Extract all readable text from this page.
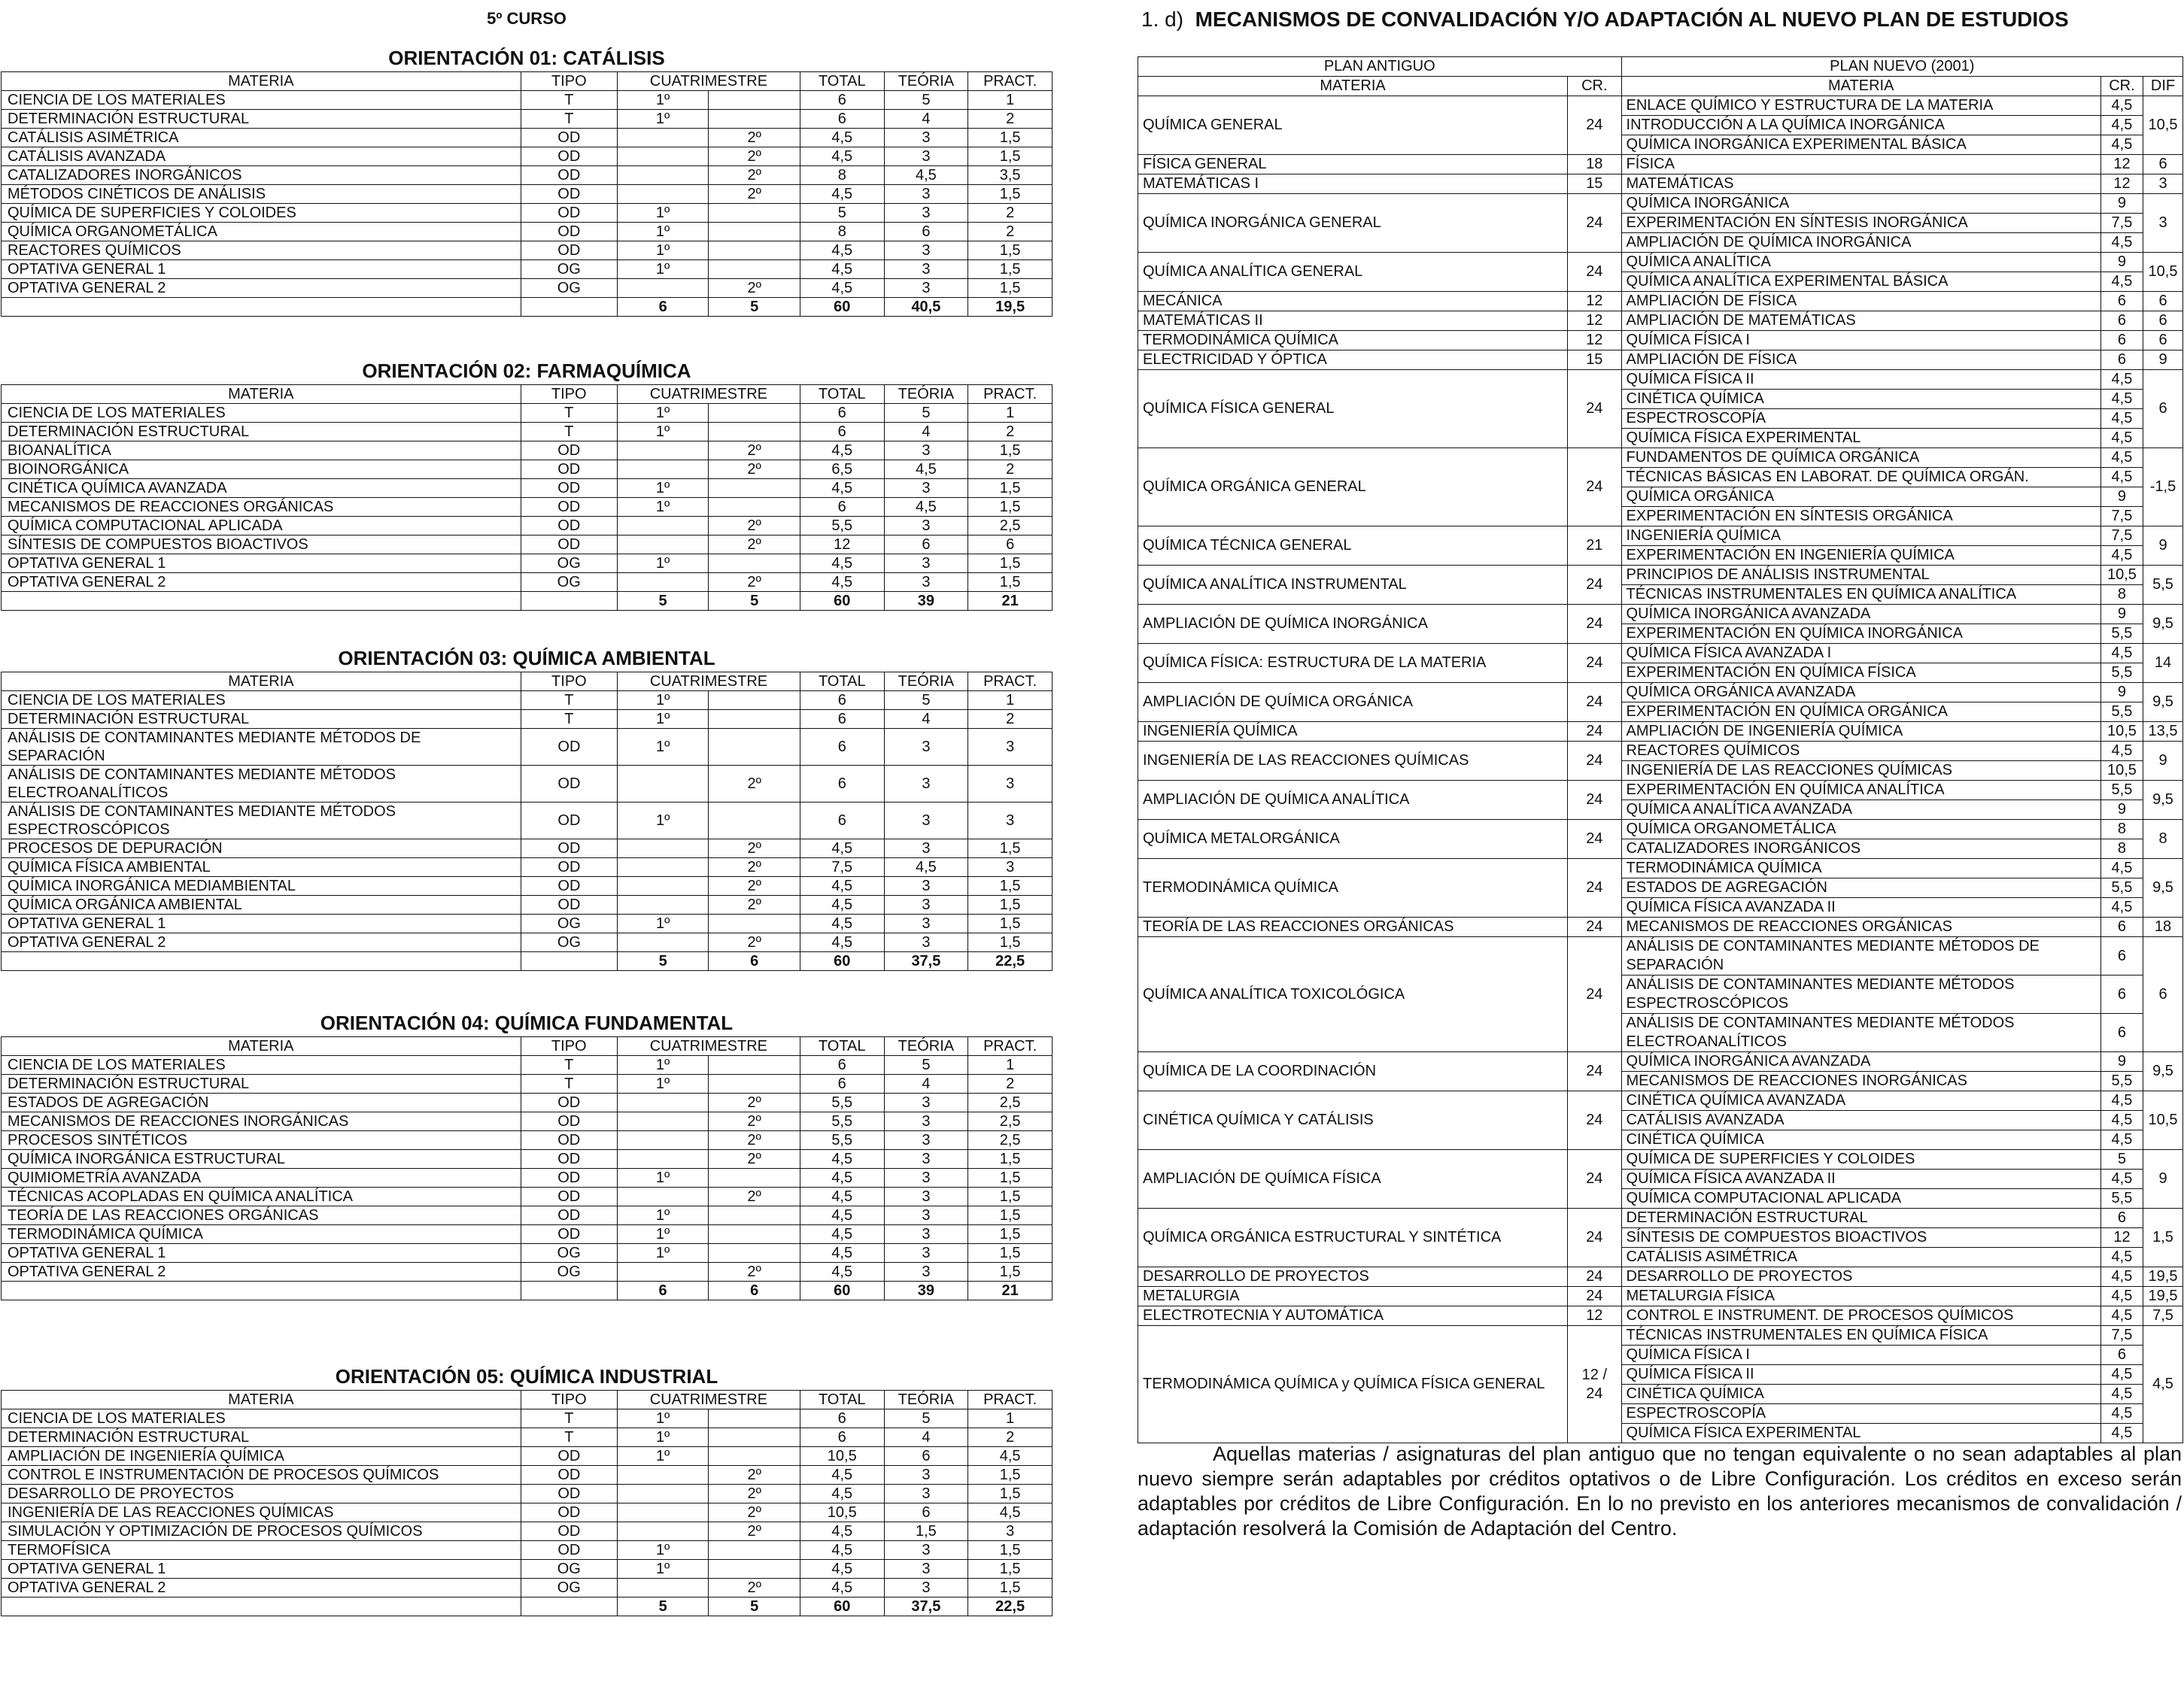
5º CURSO
ORIENTACIÓN 01: CATÁLISIS
MATERIA	TIPO	CUATRIMESTRE		TOTAL	TEÓRIA	PRACT.
CIENCIA DE LOS MATERIALES	T	1º		6	5	1
DETERMINACIÓN ESTRUCTURAL	T	1º		6	4	2
CATÁLISIS ASIMÉTRICA	OD		2º	4,5	3	1,5
CATÁLISIS AVANZADA	OD		2º	4,5	3	1,5
CATALIZADORES INORGÁNICOS	OD		2º	8	4,5	3,5
MÉTODOS CINÉTICOS DE ANÁLISIS	OD		2º	4,5	3	1,5
QUÍMICA DE SUPERFICIES Y COLOIDES	OD	1º		5	3	2
QUÍMICA ORGANOMETÁLICA	OD	1º		8	6	2
REACTORES QUÍMICOS	OD	1º		4,5	3	1,5
OPTATIVA GENERAL 1	OG	1º		4,5	3	1,5
OPTATIVA GENERAL 2	OG		2º	4,5	3	1,5
		6	5	60	40,5	19,5
ORIENTACIÓN 02: FARMAQUÍMICA
MATERIA	TIPO	CUATRIMESTRE		TOTAL	TEÓRIA	PRACT.
CIENCIA DE LOS MATERIALES	T	1º		6	5	1
DETERMINACIÓN ESTRUCTURAL	T	1º		6	4	2
BIOANALÍTICA	OD		2º	4,5	3	1,5
BIOINORGÁNICA	OD		2º	6,5	4,5	2
CINÉTICA QUÍMICA AVANZADA	OD	1º		4,5	3	1,5
MECANISMOS DE REACCIONES ORGÁNICAS	OD	1º		6	4,5	1,5
QUÍMICA COMPUTACIONAL APLICADA	OD		2º	5,5	3	2,5
SÍNTESIS DE COMPUESTOS BIOACTIVOS	OD		2º	12	6	6
OPTATIVA GENERAL 1	OG	1º		4,5	3	1,5
OPTATIVA GENERAL 2	OG		2º	4,5	3	1,5
		5	5	60	39	21
ORIENTACIÓN 03: QUÍMICA AMBIENTAL
MATERIA	TIPO	CUATRIMESTRE		TOTAL	TEÓRIA	PRACT.
CIENCIA DE LOS MATERIALES	T	1º		6	5	1
DETERMINACIÓN ESTRUCTURAL	T	1º		6	4	2
ANÁLISIS DE CONTAMINANTES MEDIANTE MÉTODOS DE SEPARACIÓN	OD	1º		6	3	3
ANÁLISIS DE CONTAMINANTES MEDIANTE MÉTODOS ELECTROANALÍTICOS	OD		2º	6	3	3
ANÁLISIS DE CONTAMINANTES MEDIANTE MÉTODOS ESPECTROSCÓPICOS	OD	1º		6	3	3
PROCESOS DE DEPURACIÓN	OD		2º	4,5	3	1,5
QUÍMICA FÍSICA AMBIENTAL	OD		2º	7,5	4,5	3
QUÍMICA INORGÁNICA MEDIAMBIENTAL	OD		2º	4,5	3	1,5
QUÍMICA ORGÁNICA AMBIENTAL	OD		2º	4,5	3	1,5
OPTATIVA GENERAL 1	OG	1º		4,5	3	1,5
OPTATIVA GENERAL 2	OG		2º	4,5	3	1,5
		5	6	60	37,5	22,5
ORIENTACIÓN 04: QUÍMICA FUNDAMENTAL
MATERIA	TIPO	CUATRIMESTRE		TOTAL	TEÓRIA	PRACT.
CIENCIA DE LOS MATERIALES	T	1º		6	5	1
DETERMINACIÓN ESTRUCTURAL	T	1º		6	4	2
ESTADOS DE AGREGACIÓN	OD		2º	5,5	3	2,5
MECANISMOS DE REACCIONES INORGÁNICAS	OD		2º	5,5	3	2,5
PROCESOS SINTÉTICOS	OD		2º	5,5	3	2,5
QUÍMICA INORGÁNICA ESTRUCTURAL	OD		2º	4,5	3	1,5
QUIMIOMETRÍA AVANZADA	OD	1º		4,5	3	1,5
TÉCNICAS ACOPLADAS EN QUÍMICA ANALÍTICA	OD		2º	4,5	3	1,5
TEORÍA DE LAS REACCIONES ORGÁNICAS	OD	1º		4,5	3	1,5
TERMODINÁMICA QUÍMICA	OD	1º		4,5	3	1,5
OPTATIVA GENERAL 1	OG	1º		4,5	3	1,5
OPTATIVA GENERAL 2	OG		2º	4,5	3	1,5
		6	6	60	39	21
ORIENTACIÓN 05: QUÍMICA INDUSTRIAL
MATERIA	TIPO	CUATRIMESTRE		TOTAL	TEÓRIA	PRACT.
CIENCIA DE LOS MATERIALES	T	1º		6	5	1
DETERMINACIÓN ESTRUCTURAL	T	1º		6	4	2
AMPLIACIÓN DE INGENIERÍA QUÍMICA	OD	1º		10,5	6	4,5
CONTROL E INSTRUMENTACIÓN DE PROCESOS QUÍMICOS	OD		2º	4,5	3	1,5
DESARROLLO DE PROYECTOS	OD		2º	4,5	3	1,5
INGENIERÍA DE LAS REACCIONES QUÍMICAS	OD		2º	10,5	6	4,5
SIMULACIÓN Y OPTIMIZACIÓN DE PROCESOS QUÍMICOS	OD		2º	4,5	1,5	3
TERMOFÍSICA	OD	1º		4,5	3	1,5
OPTATIVA GENERAL 1	OG	1º		4,5	3	1,5
OPTATIVA GENERAL 2	OG		2º	4,5	3	1,5
		5	5	60	37,5	22,5
1. d) MECANISMOS DE CONVALIDACIÓN Y/O ADAPTACIÓN AL NUEVO PLAN DE ESTUDIOS
PLAN ANTIGUO		PLAN NUEVO (2001)		
MATERIA	CR.	MATERIA	CR.	DIF
QUÍMICA GENERAL	24	ENLACE QUÍMICO Y ESTRUCTURA DE LA MATERIA	4,5	10,5
		INTRODUCCIÓN A LA QUÍMICA INORGÁNICA	4,5	
		QUÍMICA INORGÁNICA EXPERIMENTAL BÁSICA	4,5	
FÍSICA GENERAL	18	FÍSICA	12	6
MATEMÁTICAS I	15	MATEMÁTICAS	12	3
QUÍMICA INORGÁNICA GENERAL	24	QUÍMICA INORGÁNICA	9	3
		EXPERIMENTACIÓN EN SÍNTESIS INORGÁNICA	7,5	
		AMPLIACIÓN DE QUÍMICA INORGÁNICA	4,5	
QUÍMICA ANALÍTICA GENERAL	24	QUÍMICA ANALÍTICA	9	10,5
		QUÍMICA ANALÍTICA EXPERIMENTAL BÁSICA	4,5	
MECÁNICA	12	AMPLIACIÓN DE FÍSICA	6	6
MATEMÁTICAS II	12	AMPLIACIÓN DE MATEMÁTICAS	6	6
TERMODINÁMICA QUÍMICA	12	QUÍMICA FÍSICA I	6	6
ELECTRICIDAD Y ÓPTICA	15	AMPLIACIÓN DE FÍSICA	6	9
QUÍMICA FÍSICA GENERAL	24	QUÍMICA FÍSICA II	4,5	6
		CINÉTICA QUÍMICA	4,5	
		ESPECTROSCOPÍA	4,5	
		QUÍMICA FÍSICA EXPERIMENTAL	4,5	
QUÍMICA ORGÁNICA GENERAL	24	FUNDAMENTOS DE QUÍMICA ORGÁNICA	4,5	-1,5
		TÉCNICAS BÁSICAS EN LABORAT. DE QUÍMICA ORGÁN.	4,5	
		QUÍMICA ORGÁNICA	9	
		EXPERIMENTACIÓN EN SÍNTESIS ORGÁNICA	7,5	
QUÍMICA TÉCNICA GENERAL	21	INGENIERÍA QUÍMICA	7,5	9
		EXPERIMENTACIÓN EN INGENIERÍA QUÍMICA	4,5	
QUÍMICA ANALÍTICA INSTRUMENTAL	24	PRINCIPIOS DE ANÁLISIS INSTRUMENTAL	10,5	5,5
		TÉCNICAS INSTRUMENTALES EN QUÍMICA ANALÍTICA	8	
AMPLIACIÓN DE QUÍMICA INORGÁNICA	24	QUÍMICA INORGÁNICA AVANZADA	9	9,5
		EXPERIMENTACIÓN EN QUÍMICA INORGÁNICA	5,5	
QUÍMICA FÍSICA: ESTRUCTURA DE LA MATERIA	24	QUÍMICA FÍSICA AVANZADA I	4,5	14
		EXPERIMENTACIÓN EN QUÍMICA FÍSICA	5,5	
AMPLIACIÓN DE QUÍMICA ORGÁNICA	24	QUÍMICA ORGÁNICA AVANZADA	9	9,5
		EXPERIMENTACIÓN EN QUÍMICA ORGÁNICA	5,5	
INGENIERÍA QUÍMICA	24	AMPLIACIÓN DE INGENIERÍA QUÍMICA	10,5	13,5
INGENIERÍA DE LAS REACCIONES QUÍMICAS	24	REACTORES QUÍMICOS	4,5	9
		INGENIERÍA DE LAS REACCIONES QUÍMICAS	10,5	
AMPLIACIÓN DE QUÍMICA ANALÍTICA	24	EXPERIMENTACIÓN EN QUÍMICA ANALÍTICA	5,5	9,5
		QUÍMICA ANALÍTICA AVANZADA	9	
QUÍMICA METALORGÁNICA	24	QUÍMICA ORGANOMETÁLICA	8	8
		CATALIZADORES INORGÁNICOS	8	
TERMODINÁMICA QUÍMICA	24	TERMODINÁMICA QUÍMICA	4,5	9,5
		ESTADOS DE AGREGACIÓN	5,5	
		QUÍMICA FÍSICA AVANZADA II	4,5	
TEORÍA DE LAS REACCIONES ORGÁNICAS	24	MECANISMOS DE REACCIONES ORGÁNICAS	6	18
QUÍMICA ANALÍTICA TOXICOLÓGICA	24	ANÁLISIS DE CONTAMINANTES MEDIANTE MÉTODOS DE SEPARACIÓN	6	6
		ANÁLISIS DE CONTAMINANTES MEDIANTE MÉTODOS ESPECTROSCÓPICOS	6	
		ANÁLISIS DE CONTAMINANTES MEDIANTE MÉTODOS ELECTROANALÍTICOS	6	
QUÍMICA DE LA COORDINACIÓN	24	QUÍMICA INORGÁNICA AVANZADA	9	9,5
		MECANISMOS DE REACCIONES INORGÁNICAS	5,5	
CINÉTICA QUÍMICA Y CATÁLISIS	24	CINÉTICA QUÍMICA AVANZADA	4,5	10,5
		CATÁLISIS AVANZADA	4,5	
		CINÉTICA QUÍMICA	4,5	
AMPLIACIÓN DE QUÍMICA FÍSICA	24	QUÍMICA DE SUPERFICIES Y COLOIDES	5	9
		QUÍMICA FÍSICA AVANZADA II	4,5	
		QUÍMICA COMPUTACIONAL APLICADA	5,5	
QUÍMICA ORGÁNICA ESTRUCTURAL Y SINTÉTICA	24	DETERMINACIÓN ESTRUCTURAL	6	1,5
		SÍNTESIS DE COMPUESTOS BIOACTIVOS	12	
		CATÁLISIS ASIMÉTRICA	4,5	
DESARROLLO DE PROYECTOS	24	DESARROLLO DE PROYECTOS	4,5	19,5
METALURGIA	24	METALURGIA FÍSICA	4,5	19,5
ELECTROTECNIA Y AUTOMÁTICA	12	CONTROL E INSTRUMENT. DE PROCESOS QUÍMICOS	4,5	7,5
TERMODINÁMICA QUÍMICA y QUÍMICA FÍSICA GENERAL	12 / 24	TÉCNICAS INSTRUMENTALES EN QUÍMICA FÍSICA	7,5	4,5
		QUÍMICA FÍSICA I	6	
		QUÍMICA FÍSICA II	4,5	
		CINÉTICA QUÍMICA	4,5	
		ESPECTROSCOPÍA	4,5	
		QUÍMICA FÍSICA EXPERIMENTAL	4,5	

Aquellas materias / asignaturas del plan antiguo que no tengan equivalente o no sean adaptables al plan nuevo siempre serán adaptables por créditos optativos o de Libre Configuración. Los créditos en exceso serán adaptables por créditos de Libre Configuración. En lo no previsto en los anteriores mecanismos de convalidación / adaptación resolverá la Comisión de Adaptación del Centro.
